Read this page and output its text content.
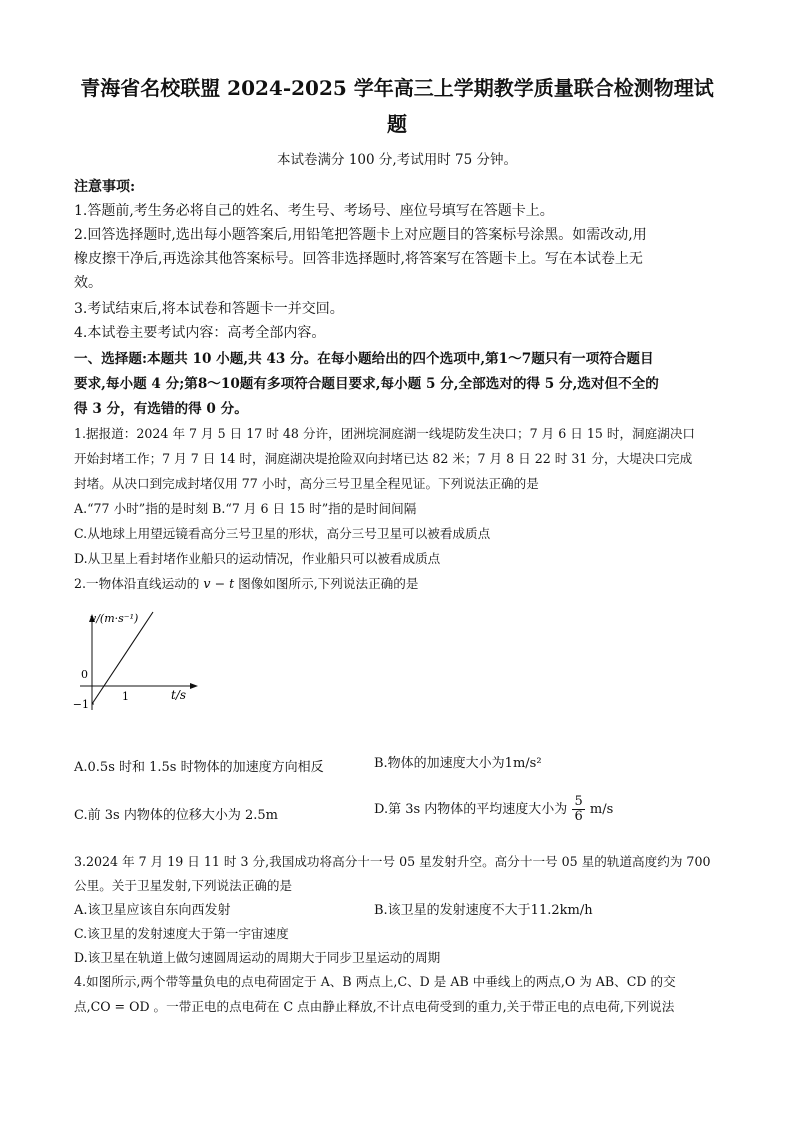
青海省名校联盟 2024-2025 学年高三上学期教学质量联合检测物理试
题
本试卷满分 100 分,考试用时 75 分钟。
注意事项:
1.答题前,考生务必将自己的姓名、考生号、考场号、座位号填写在答题卡上。
2.回答选择题时,选出每小题答案后,用铅笔把答题卡上对应题目的答案标号涂黑。如需改动,用
橡皮擦干净后,再选涂其他答案标号。回答非选择题时,将答案写在答题卡上。写在本试卷上无
效。
3.考试结束后,将本试卷和答题卡一并交回。
4.本试卷主要考试内容：高考全部内容。
一、选择题:本题共 10 小题,共 43 分。在每小题给出的四个选项中,第1～7题只有一项符合题目
要求,每小题 4 分;第8～10题有多项符合题目要求,每小题 5 分,全部选对的得 5 分,选对但不全的
得 3 分，有选错的得 0 分。
1.据报道：2024 年 7 月 5 日 17 时 48 分许，团洲垸洞庭湖一线堤防发生决口；7 月 6 日 15 时，洞庭湖决口
开始封堵工作；7 月 7 日 14 时，洞庭湖决堤抢险双向封堵已达 82 米；7 月 8 日 22 时 31 分，大堤决口完成
封堵。从决口到完成封堵仅用 77 小时，高分三号卫星全程见证。下列说法正确的是
A.“77 小时”指的是时刻 B.“7 月 6 日 15 时”指的是时间间隔
C.从地球上用望远镜看高分三号卫星的形状，高分三号卫星可以被看成质点
D.从卫星上看封堵作业船只的运动情况，作业船只可以被看成质点
2.一物体沿直线运动的 v − t 图像如图所示,下列说法正确的是
v/(m·s⁻¹)
t/s
0
1
−1
A.0.5s 时和 1.5s 时物体的加速度方向相反	B.物体的加速度大小为1m/s²
C.前 3s 内物体的位移大小为 2.5m	D.第 3s 内物体的平均速度大小为 $\frac{5}{6} m/s$
3.2024 年 7 月 19 日 11 时 3 分,我国成功将高分十一号 05 星发射升空。高分十一号 05 星的轨道高度约为 700
公里。关于卫星发射,下列说法正确的是
A.该卫星应该自东向西发射	B.该卫星的发射速度不大于11.2km/h
C.该卫星的发射速度大于第一宇宙速度
D.该卫星在轨道上做匀速圆周运动的周期大于同步卫星运动的周期
4.如图所示,两个带等量负电的点电荷固定于 A、B 两点上,C、D 是 AB 中垂线上的两点,O 为 AB、CD 的交
点,CO = OD 。一带正电的点电荷在 C 点由静止释放,不计点电荷受到的重力,关于带正电的点电荷,下列说法
